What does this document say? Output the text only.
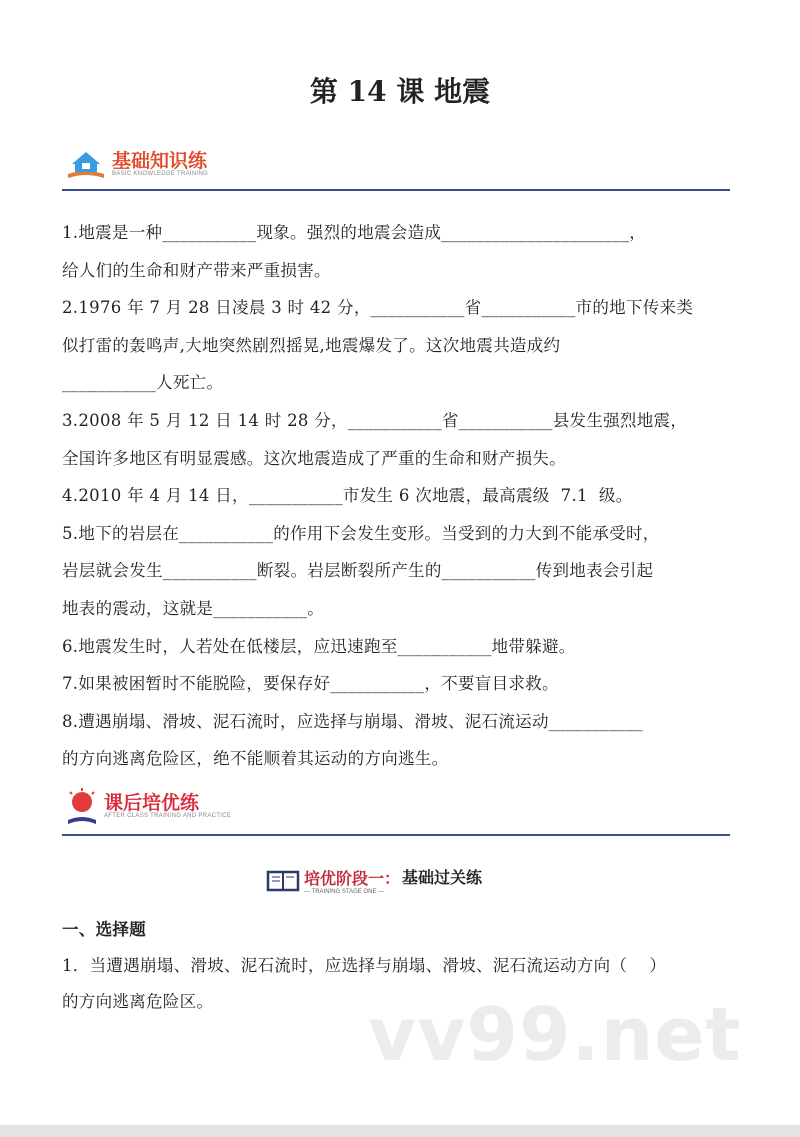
第 14 课 地震
基础知识练
BASIC KNOWLEDGE TRAINING
1.地震是一种___________现象。强烈的地震会造成______________________，
给人们的生命和财产带来严重损害。
2.1976 年 7 月 28 日凌晨 3 时 42 分，___________省___________市的地下传来类
似打雷的轰鸣声,大地突然剧烈摇晃,地震爆发了。这次地震共造成约
___________人死亡。
3.2008 年 5 月 12 日 14 时 28 分，___________省___________县发生强烈地震，
全国许多地区有明显震感。这次地震造成了严重的生命和财产损失。
4.2010 年 4 月 14 日，___________市发生 6 次地震，最高震级  7.1  级。
5.地下的岩层在___________的作用下会发生变形。当受到的力大到不能承受时，
岩层就会发生___________断裂。岩层断裂所产生的___________传到地表会引起
地表的震动，这就是___________。
6.地震发生时，人若处在低楼层，应迅速跑至___________地带躲避。
7.如果被困暂时不能脱险，要保存好___________，不要盲目求救。
8.遭遇崩塌、滑坡、泥石流时，应选择与崩塌、滑坡、泥石流运动___________
的方向逃离危险区，绝不能顺着其运动的方向逃生。
课后培优练
AFTER CLASS TRAINING AND PRACTICE
培优阶段一：
— TRAINING STAGE ONE —
基础过关练
一、选择题
1．当遭遇崩塌、滑坡、泥石流时，应选择与崩塌、滑坡、泥石流运动方向（    ）
的方向逃离危险区。 vv99.net
